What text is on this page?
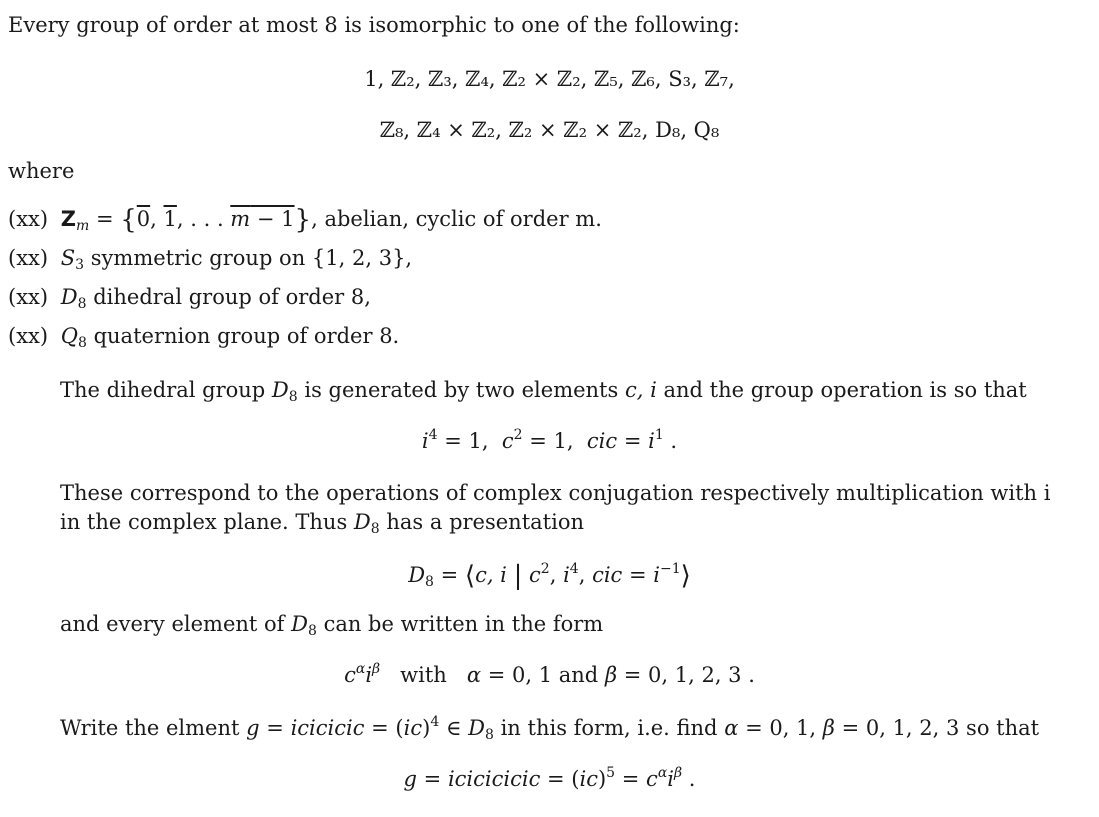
Every group of order at most 8 is isomorphic to one of the following:
1, ℤ₂, ℤ₃, ℤ₄, ℤ₂ × ℤ₂, ℤ₅, ℤ₆, S₃, ℤ₇,
ℤ₈, ℤ₄ × ℤ₂, ℤ₂ × ℤ₂ × ℤ₂, D₈, Q₈
where
(xx) $Z_m = \{0$, 1, . . . m − 1}, abelian, cyclic of order m.
(xx) $S_3$ symmetric group on {1, 2, 3},
(xx) $D_8$ dihedral group of order 8,
(xx) $Q_8$ quaternion group of order 8.
The dihedral group $D_8$ is generated by two elements c, i and the group operation is so that
$i^4 = 1$,  $c^2 = 1$,  cic = $i^1$ .
These correspond to the operations of complex conjugation respectively multiplication with i
in the complex plane. Thus $D_8$ has a presentation
$D_8$ = ⟨c, i | $c^2$, $i^4$, cic = $i^{-1}⟩$
and every element of $D_8$ can be written in the form
$c^\alpha i^\beta$ with α = 0, 1 and β = 0, 1, 2, 3 .
Write the elment g = icicicic = (ic)$^4$ ∈ $D_8$ in this form, i.e. find α = 0, 1, β = 0, 1, 2, 3 so that
g = icicicicic = $(ic)^5 = c^\alpha i^\beta$ .
